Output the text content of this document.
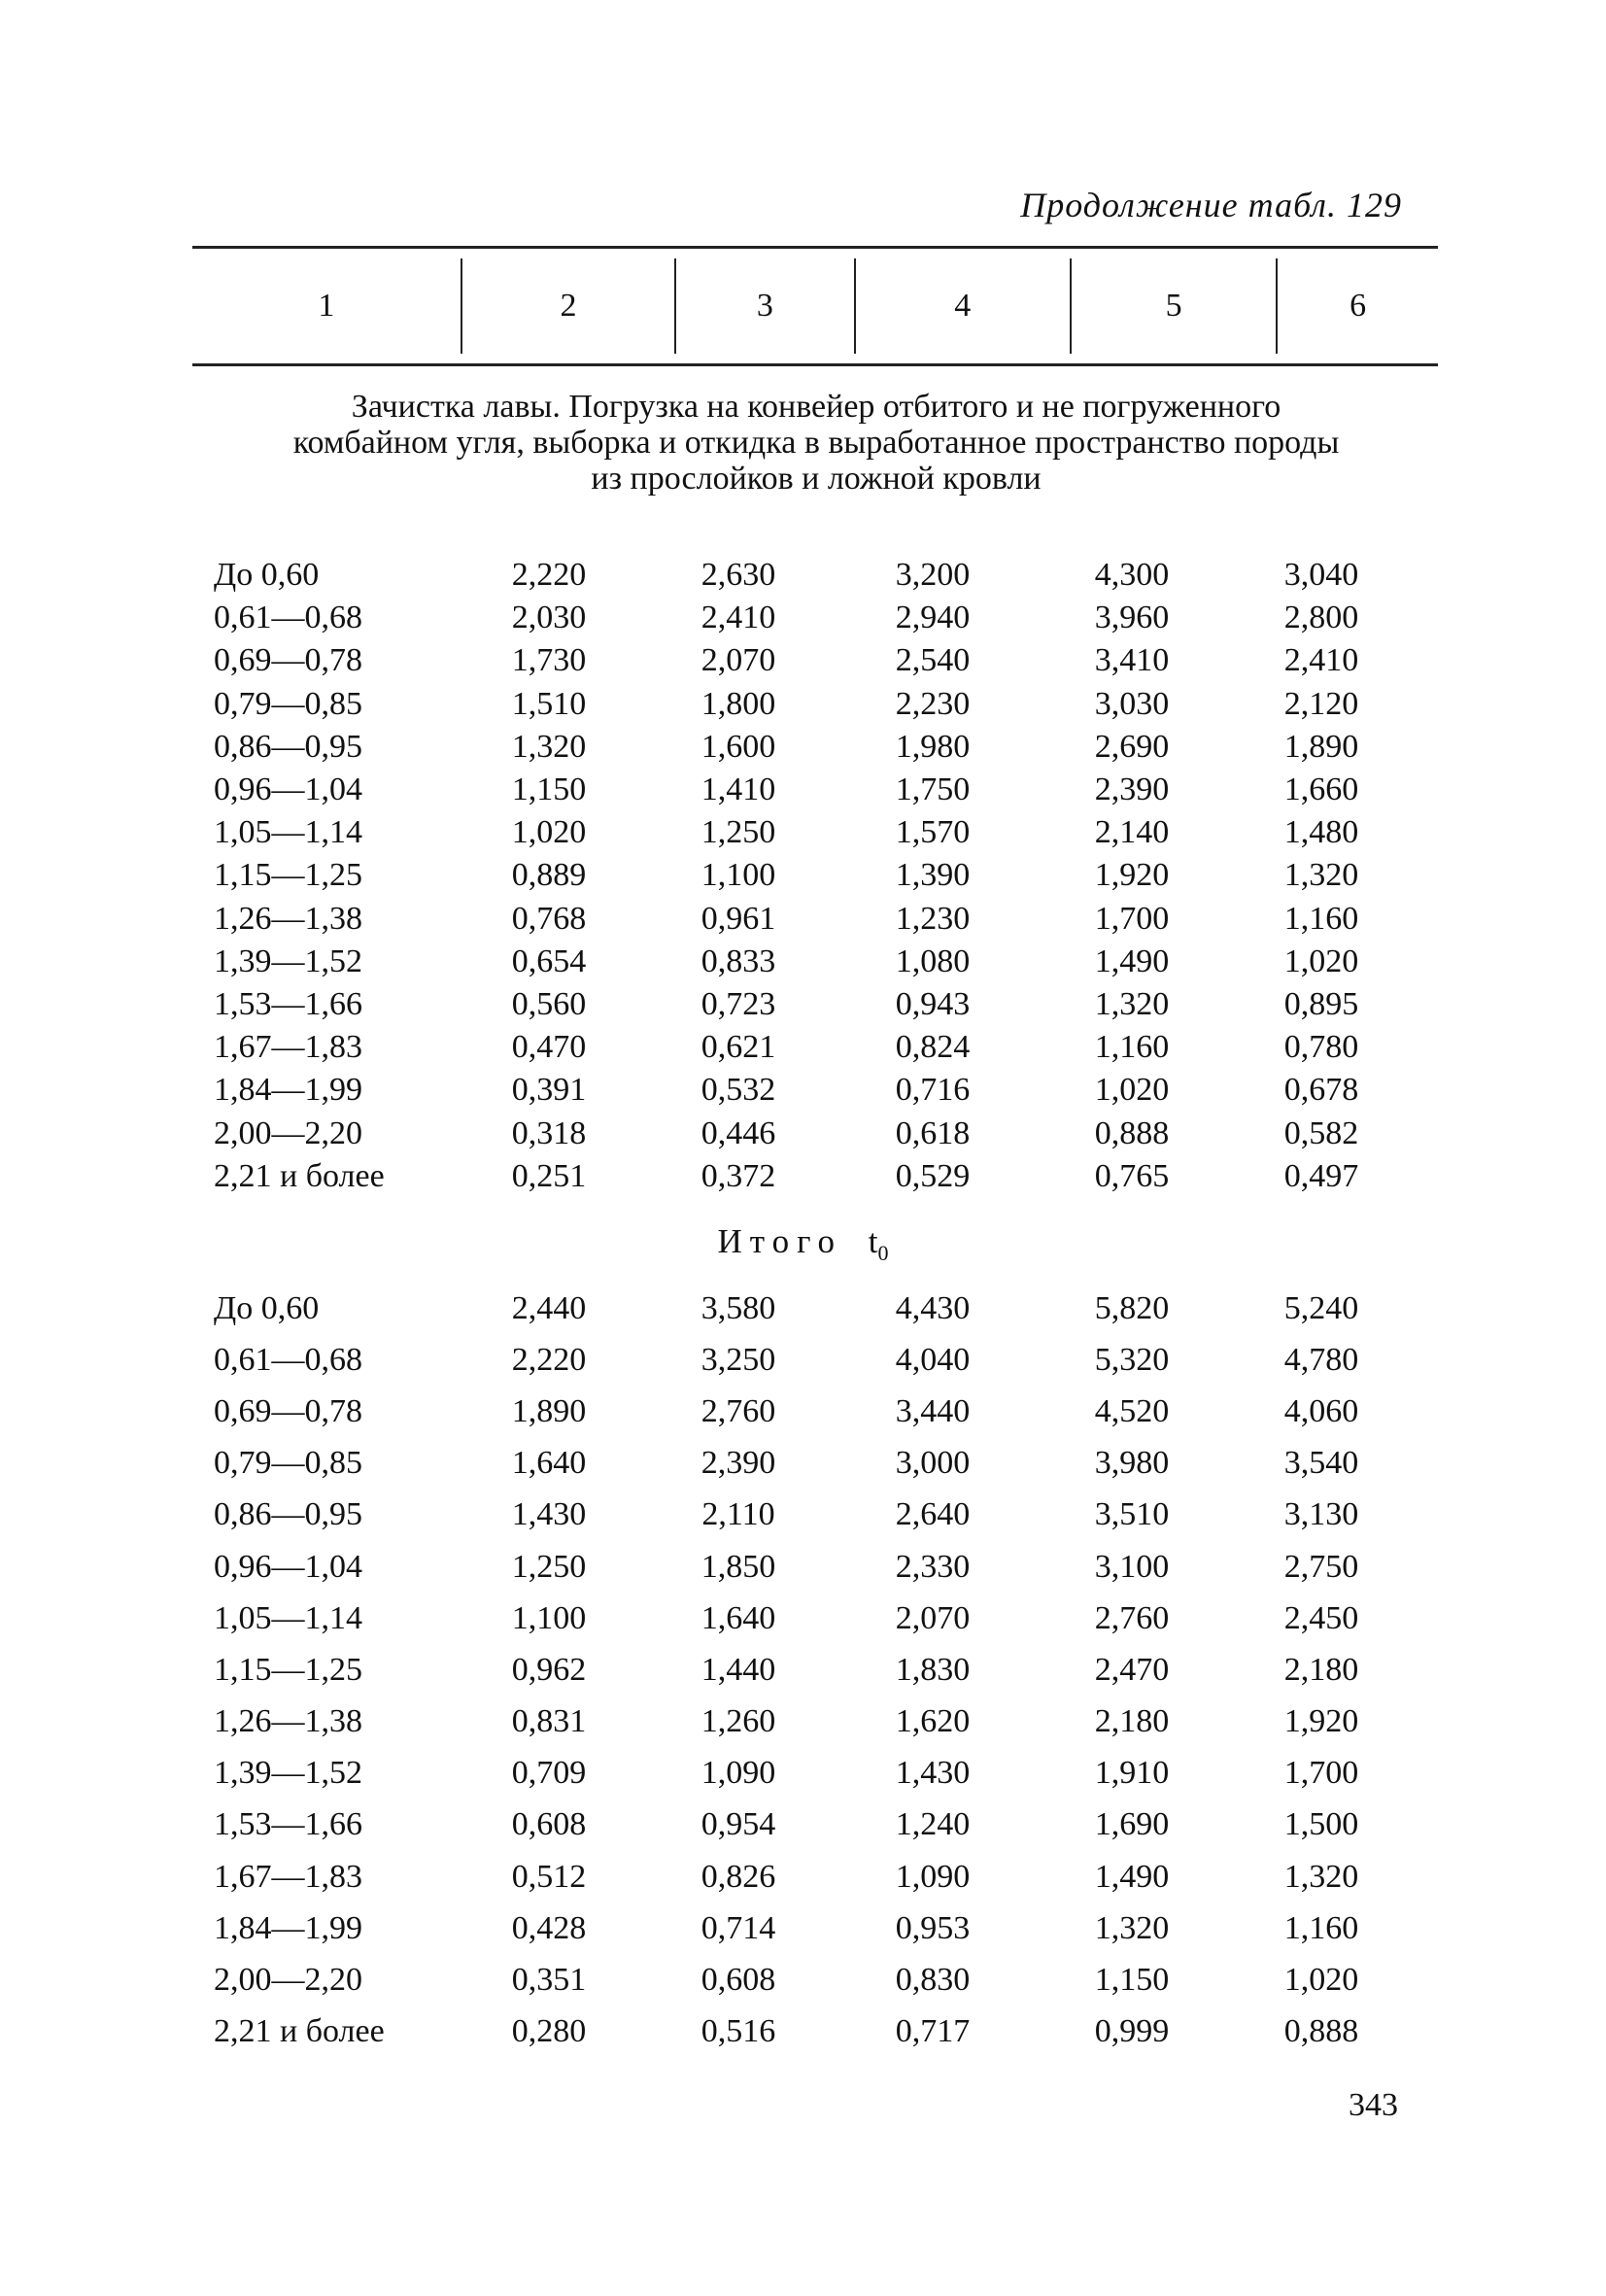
Продолжение табл. 129
1	2	3	4	5	6
Зачистка лавы. Погрузка на конвейер отбитого и не погруженного комбайном угля, выборка и откидка в выработанное пространство породы из прослойков и ложной кровли
До 0,60	2,220	2,630	3,200	4,300	3,040
0,61—0,68	2,030	2,410	2,940	3,960	2,800
0,69—0,78	1,730	2,070	2,540	3,410	2,410
0,79—0,85	1,510	1,800	2,230	3,030	2,120
0,86—0,95	1,320	1,600	1,980	2,690	1,890
0,96—1,04	1,150	1,410	1,750	2,390	1,660
1,05—1,14	1,020	1,250	1,570	2,140	1,480
1,15—1,25	0,889	1,100	1,390	1,920	1,320
1,26—1,38	0,768	0,961	1,230	1,700	1,160
1,39—1,52	0,654	0,833	1,080	1,490	1,020
1,53—1,66	0,560	0,723	0,943	1,320	0,895
1,67—1,83	0,470	0,621	0,824	1,160	0,780
1,84—1,99	0,391	0,532	0,716	1,020	0,678
2,00—2,20	0,318	0,446	0,618	0,888	0,582
2,21 и более	0,251	0,372	0,529	0,765	0,497
Итого $t_0$
До 0,60	2,440	3,580	4,430	5,820	5,240
0,61—0,68	2,220	3,250	4,040	5,320	4,780
0,69—0,78	1,890	2,760	3,440	4,520	4,060
0,79—0,85	1,640	2,390	3,000	3,980	3,540
0,86—0,95	1,430	2,110	2,640	3,510	3,130
0,96—1,04	1,250	1,850	2,330	3,100	2,750
1,05—1,14	1,100	1,640	2,070	2,760	2,450
1,15—1,25	0,962	1,440	1,830	2,470	2,180
1,26—1,38	0,831	1,260	1,620	2,180	1,920
1,39—1,52	0,709	1,090	1,430	1,910	1,700
1,53—1,66	0,608	0,954	1,240	1,690	1,500
1,67—1,83	0,512	0,826	1,090	1,490	1,320
1,84—1,99	0,428	0,714	0,953	1,320	1,160
2,00—2,20	0,351	0,608	0,830	1,150	1,020
2,21 и более	0,280	0,516	0,717	0,999	0,888
343
